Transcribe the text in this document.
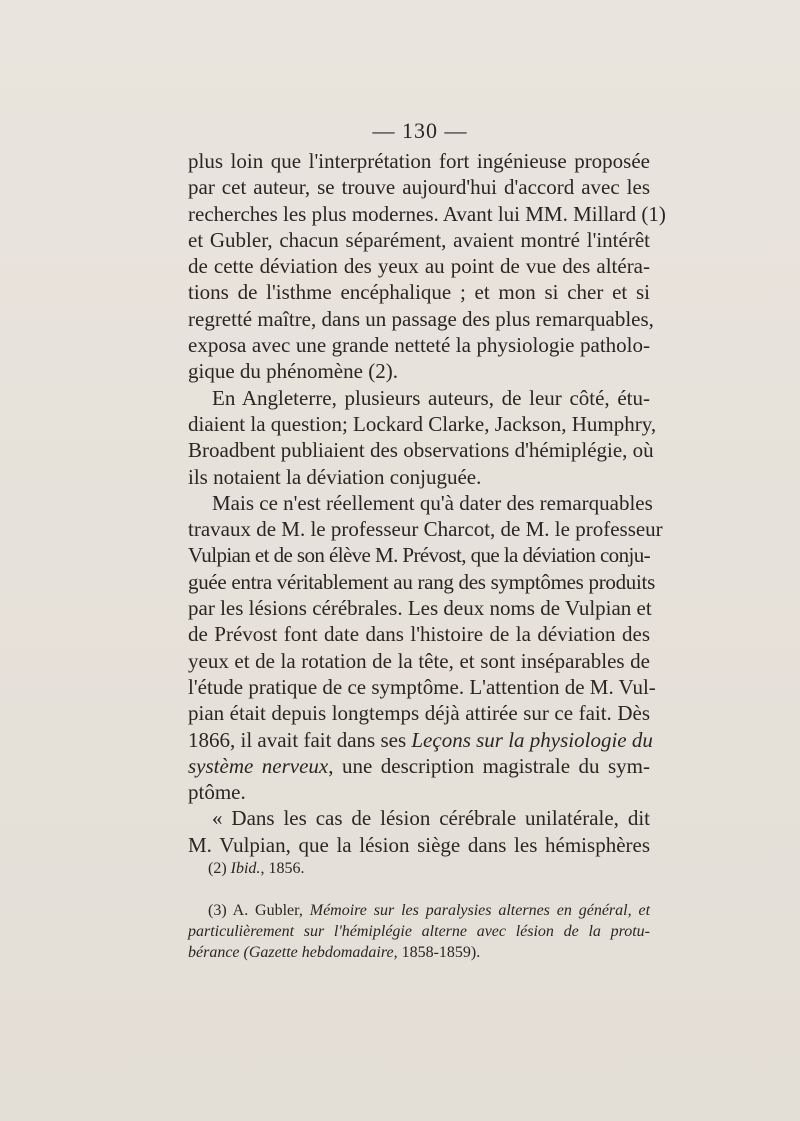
— 130 —
plus loin que l'interprétation fort ingénieuse proposée
par cet auteur, se trouve aujourd'hui d'accord avec les
recherches les plus modernes. Avant lui MM. Millard (1)
et Gubler, chacun séparément, avaient montré l'intérêt
de cette déviation des yeux au point de vue des altéra-
tions de l'isthme encéphalique ; et mon si cher et si
regretté maître, dans un passage des plus remarquables,
exposa avec une grande netteté la physiologie patholo-
gique du phénomène (2).
En Angleterre, plusieurs auteurs, de leur côté, étu-
diaient la question; Lockard Clarke, Jackson, Humphry,
Broadbent publiaient des observations d'hémiplégie, où
ils notaient la déviation conjuguée.
Mais ce n'est réellement qu'à dater des remarquables
travaux de M. le professeur Charcot, de M. le professeur
Vulpian et de son élève M. Prévost, que la déviation conju-
guée entra véritablement au rang des symptômes produits
par les lésions cérébrales. Les deux noms de Vulpian et
de Prévost font date dans l'histoire de la déviation des
yeux et de la rotation de la tête, et sont inséparables de
l'étude pratique de ce symptôme. L'attention de M. Vul-
pian était depuis longtemps déjà attirée sur ce fait. Dès
1866, il avait fait dans ses Leçons sur la physiologie du
système nerveux, une description magistrale du sym-
ptôme.
« Dans les cas de lésion cérébrale unilatérale, dit
M. Vulpian, que la lésion siège dans les hémisphères
(2) Ibid., 1856.
(3) A. Gubler, Mémoire sur les paralysies alternes en général, et
particulièrement sur l'hémiplégie alterne avec lésion de la protu-
bérance (Gazette hebdomadaire, 1858-1859).
